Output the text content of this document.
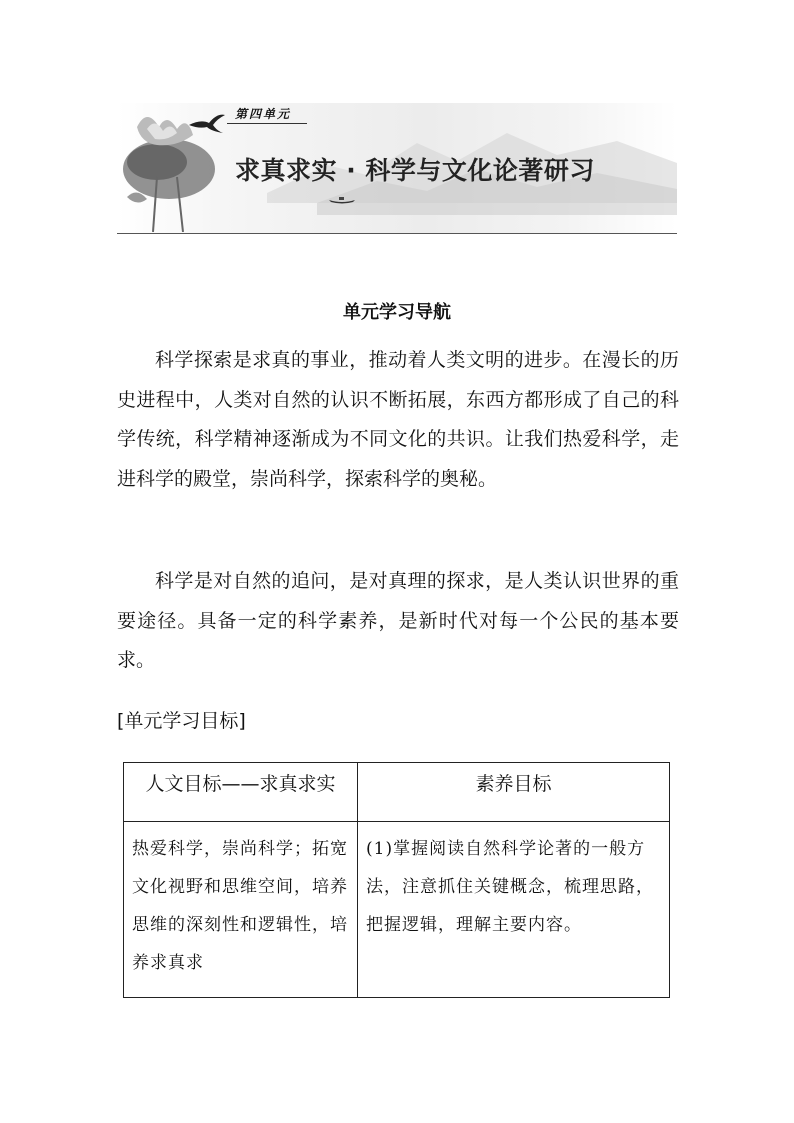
第四单元
求真求实 · 科学与文化论著研习
单元学习导航

科学探索是求真的事业，推动着人类文明的进步。在漫长的历史进程中，人类对自然的认识不断拓展，东西方都形成了自己的科学传统，科学精神逐渐成为不同文化的共识。让我们热爱科学，走进科学的殿堂，崇尚科学，探索科学的奥秘。

科学是对自然的追问，是对真理的探求，是人类认识世界的重要途径。具备一定的科学素养，是新时代对每一个公民的基本要求。

[单元学习目标]
人文目标——求真求实	素养目标
热爱科学，崇尚科学；拓宽文化视野和思维空间，培养思维的深刻性和逻辑性，培养求真求	(1)掌握阅读自然科学论著的一般方法，注意抓住关键概念，梳理思路，把握逻辑，理解主要内容。
